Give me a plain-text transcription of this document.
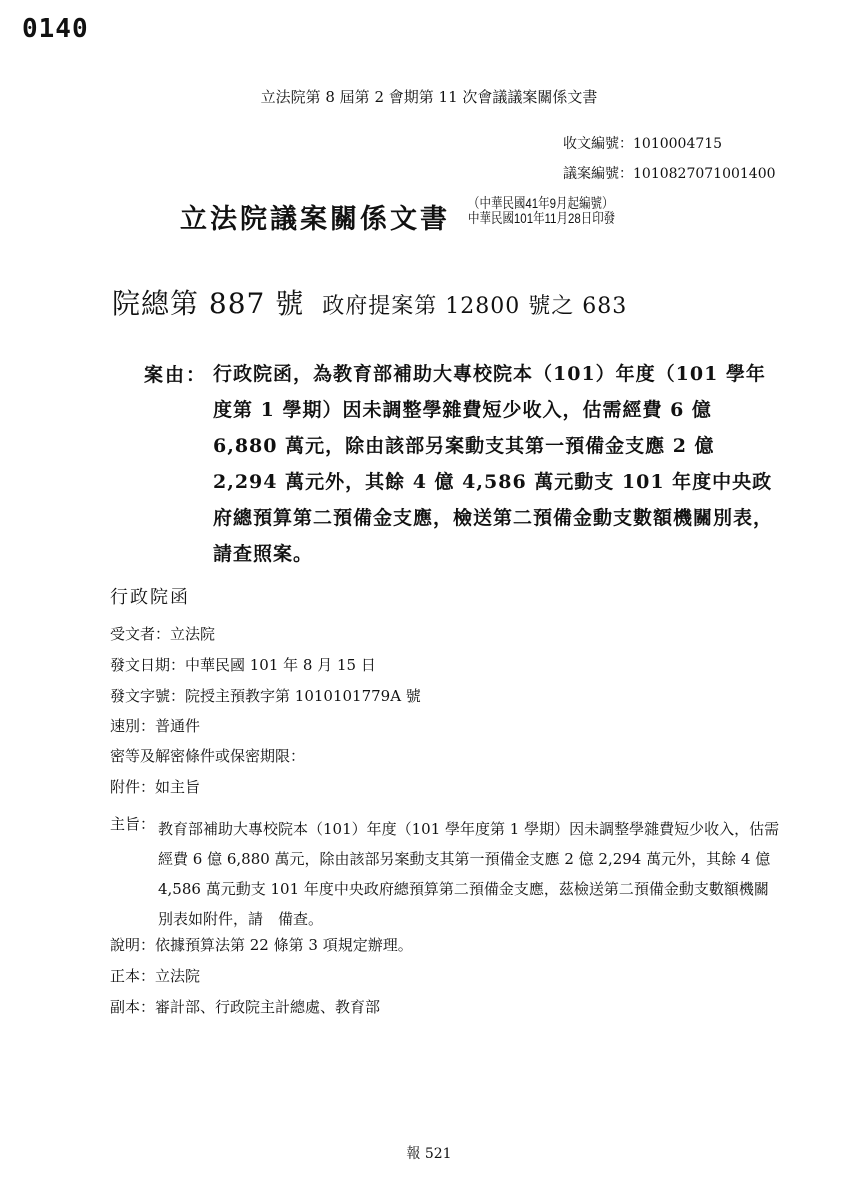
0140
立法院第 8 屆第 2 會期第 11 次會議議案關係文書
收文編號：1010004715
議案編號：1010827071001400
立法院議案關係文書
（中華民國41年9月起編號）
中華民國101年11月28日印發
院總第 887 號 政府提案第 12800 號之 683
案由： 行政院函，為教育部補助大專校院本（101）年度（101 學年度第 1 學期）因未調整學雜費短少收入，估需經費 6 億 6,880 萬元，除由該部另案動支其第一預備金支應 2 億 2,294 萬元外，其餘 4 億 4,586 萬元動支 101 年度中央政府總預算第二預備金支應，檢送第二預備金動支數額機關別表，請查照案。
行政院函
受文者：立法院
發文日期：中華民國 101 年 8 月 15 日
發文字號：院授主預教字第 1010101779A 號
速別：普通件
密等及解密條件或保密期限：
附件：如主旨
主旨： 教育部補助大專校院本（101）年度（101 學年度第 1 學期）因未調整學雜費短少收入，估需經費 6 億 6,880 萬元，除由該部另案動支其第一預備金支應 2 億 2,294 萬元外，其餘 4 億 4,586 萬元動支 101 年度中央政府總預算第二預備金支應，茲檢送第二預備金動支數額機關別表如附件，請　備查。
說明：依據預算法第 22 條第 3 項規定辦理。
正本：立法院
副本：審計部、行政院主計總處、教育部
報 521
